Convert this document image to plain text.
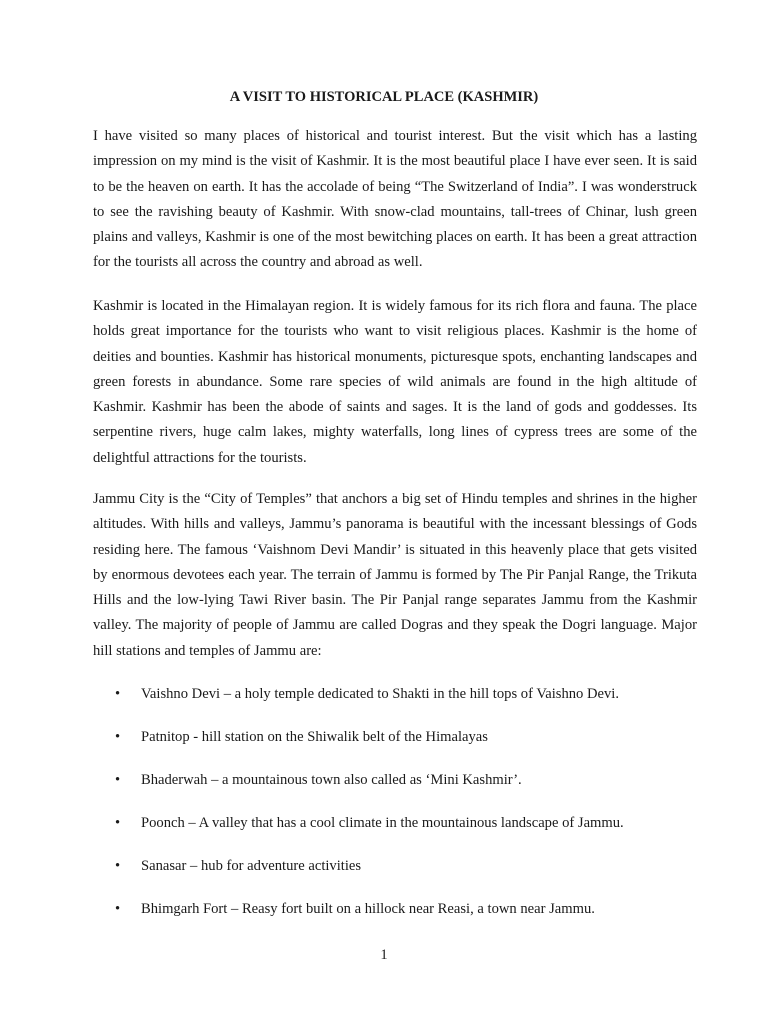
A VISIT TO HISTORICAL PLACE (KASHMIR)

I have visited so many places of historical and tourist interest. But the visit which has a lasting impression on my mind is the visit of Kashmir. It is the most beautiful place I have ever seen. It is said to be the heaven on earth. It has the accolade of being “The Switzerland of India”. I was wonderstruck to see the ravishing beauty of Kashmir. With snow-clad mountains, tall-trees of Chinar, lush green plains and valleys, Kashmir is one of the most bewitching places on earth. It has been a great attraction for the tourists all across the country and abroad as well.

Kashmir is located in the Himalayan region. It is widely famous for its rich flora and fauna. The place holds great importance for the tourists who want to visit religious places. Kashmir is the home of deities and bounties. Kashmir has historical monuments, picturesque spots, enchanting landscapes and green forests in abundance. Some rare species of wild animals are found in the high altitude of Kashmir. Kashmir has been the abode of saints and sages. It is the land of gods and goddesses. Its serpentine rivers, huge calm lakes, mighty waterfalls, long lines of cypress trees are some of the delightful attractions for the tourists.

Jammu City is the “City of Temples” that anchors a big set of Hindu temples and shrines in the higher altitudes. With hills and valleys, Jammu’s panorama is beautiful with the incessant blessings of Gods residing here. The famous ‘Vaishnom Devi Mandir’ is situated in this heavenly place that gets visited by enormous devotees each year. The terrain of Jammu is formed by The Pir Panjal Range, the Trikuta Hills and the low-lying Tawi River basin. The Pir Panjal range separates Jammu from the Kashmir valley. The majority of people of Jammu are called Dogras and they speak the Dogri language. Major hill stations and temples of Jammu are:

•	Vaishno Devi – a holy temple dedicated to Shakti in the hill tops of Vaishno Devi.
•	Patnitop - hill station on the Shiwalik belt of the Himalayas
•	Bhaderwah – a mountainous town also called as ‘Mini Kashmir’.
•	Poonch – A valley that has a cool climate in the mountainous landscape of Jammu.
•	Sanasar – hub for adventure activities
•	Bhimgarh Fort – Reasy fort built on a hillock near Reasi, a town near Jammu.
1
